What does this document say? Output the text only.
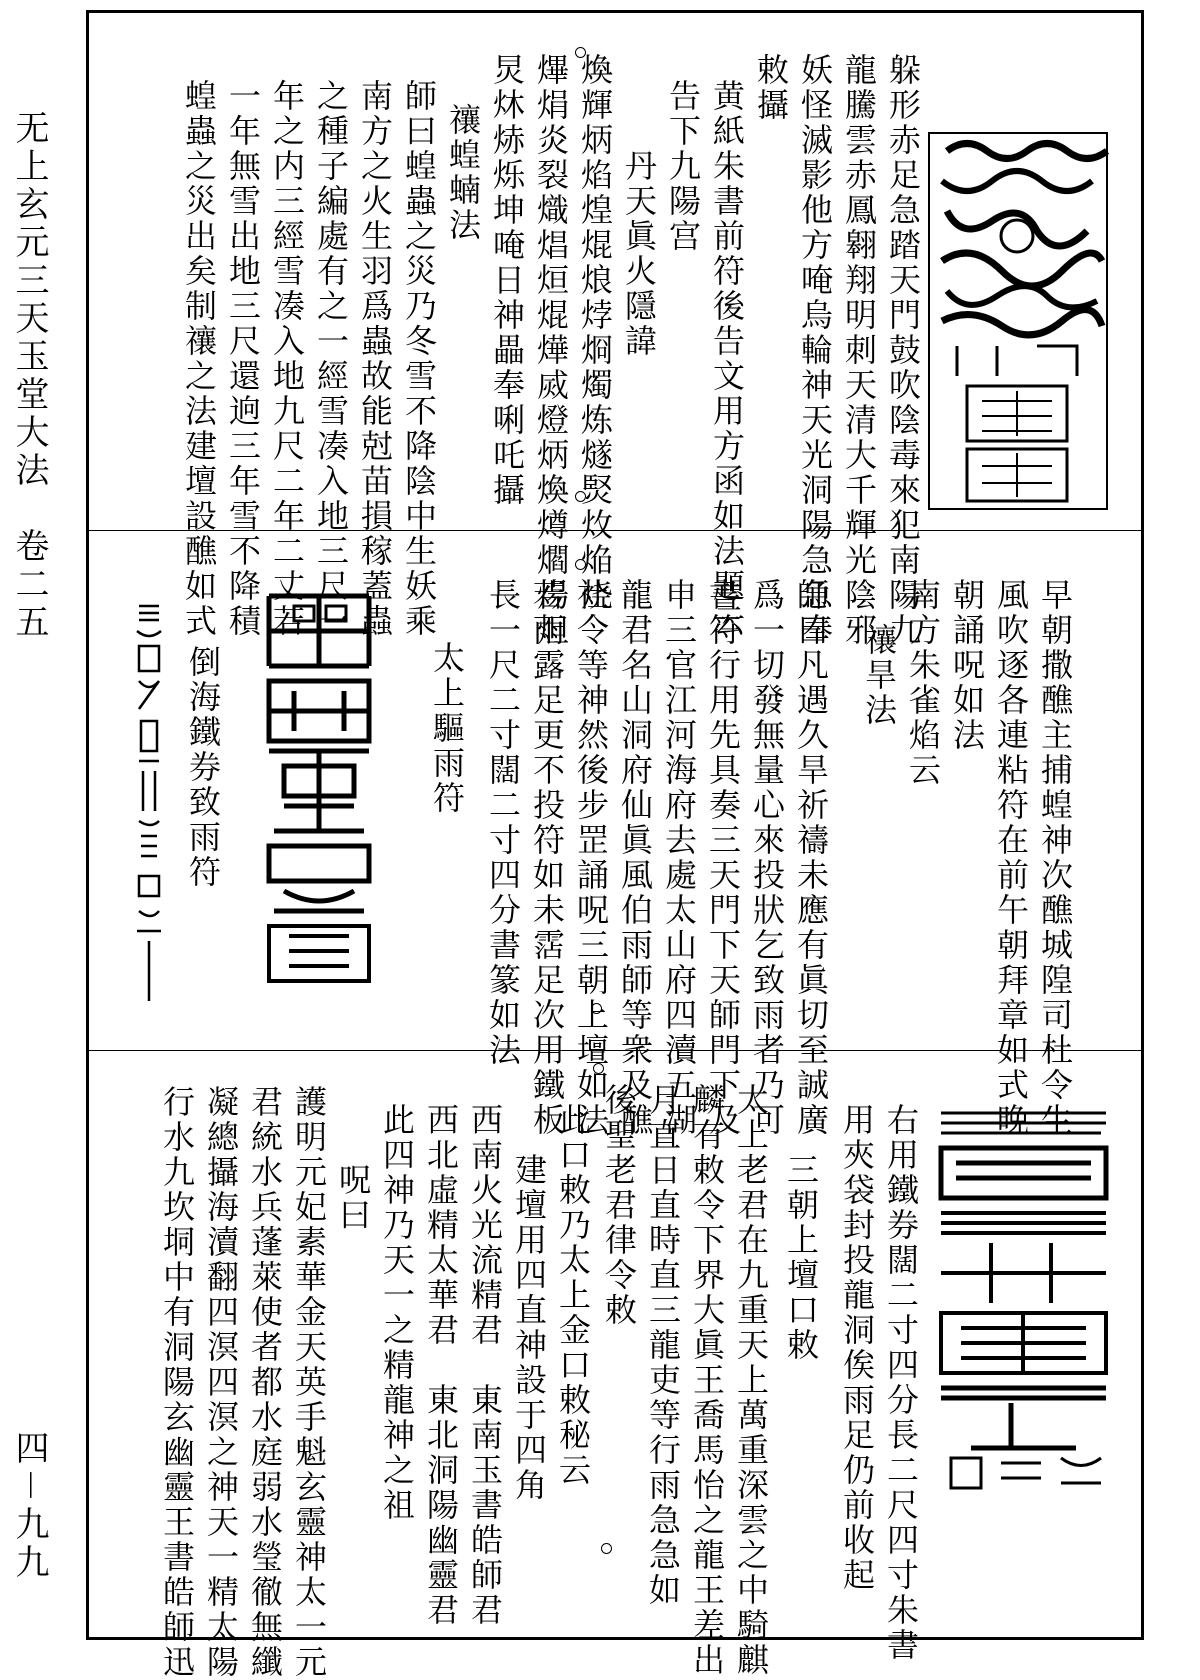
无上玄元三天玉堂大法　卷二五
四－九九
躲形赤足急踏天門鼓吹陰毒來犯南陽九
龍騰雲赤鳳翱翔明刺天清大千輝光陰邪
妖怪滅影他方唵烏輪神天光洞陽急急奉
敕攝
黄紙朱書前符後告文用方函如法題云
告下九陽宫
丹天眞火隱諱
煥輝炳焰煌焜烺㶿烱燭炼燧㷂炇焔烧
熚焆炎裂熾焻烜焜燁烕燈炳煥燇爓煬炟
炅炑焃烁坤唵日神畾奉唎吒攝
禳蝗蝻法
師曰蝗蟲之災乃冬雪不降陰中生妖乘
南方之火生羽爲蟲故能尅苗損稼蓋蟲
之種子編處有之一經雪凑入地三尺一
年之内三經雪凑入地九尺二年二丈若
一年無雪出地三尺還逈三年雪不降積
蝗蟲之災出矣制禳之法建壇設醮如式
早朝撒醮主捕蝗神次醮城隍司杜令生
風吹逐各連粘符在前午朝拜章如式晚
朝誦呪如法
南方朱雀焰云
禳旱法
師曰凡遇久旱祈禱未應有眞切至誠廣
爲一切發無量心來投狀乞致雨者乃可
書符行用先具奏三天門下天師門下及
申三官江河海府去處太山府四瀆五湖
龍君名山洞府仙眞風伯雨師等衆及醮
社令等神然後步罡誦呪三朝上壇如法
若雨露足更不投符如未霑足次用鐵板
長一尺二寸闊二寸四分書篆如法
太上驅雨符
倒海鐵券致雨符
右用鐵券闊二寸四分長二尺四寸朱書
用夾袋封投龍洞俟雨足仍前收起
三朝上壇口敕
太上老君在九重天上萬重深雲之中騎麒
麟有敕令下界大眞王喬馬怡之龍王差出
月直日直時直三龍吏等行雨急急如
後聖老君律令敕
此口敕乃太上金口敕秘云
建壇用四直神設于四角
西南火光流精君　東南玉書皓師君
西北虛精太華君　東北洞陽幽靈君
此四神乃天一之精龍神之祖
呪曰
護明元妃素華金天英手魁玄靈神太一元
君統水兵蓬萊使者都水庭弱水瑩徹無纖
凝總攝海瀆翻四溟四溟之神天一精太陽
行水九坎垌中有洞陽玄幽靈王書皓師迅
